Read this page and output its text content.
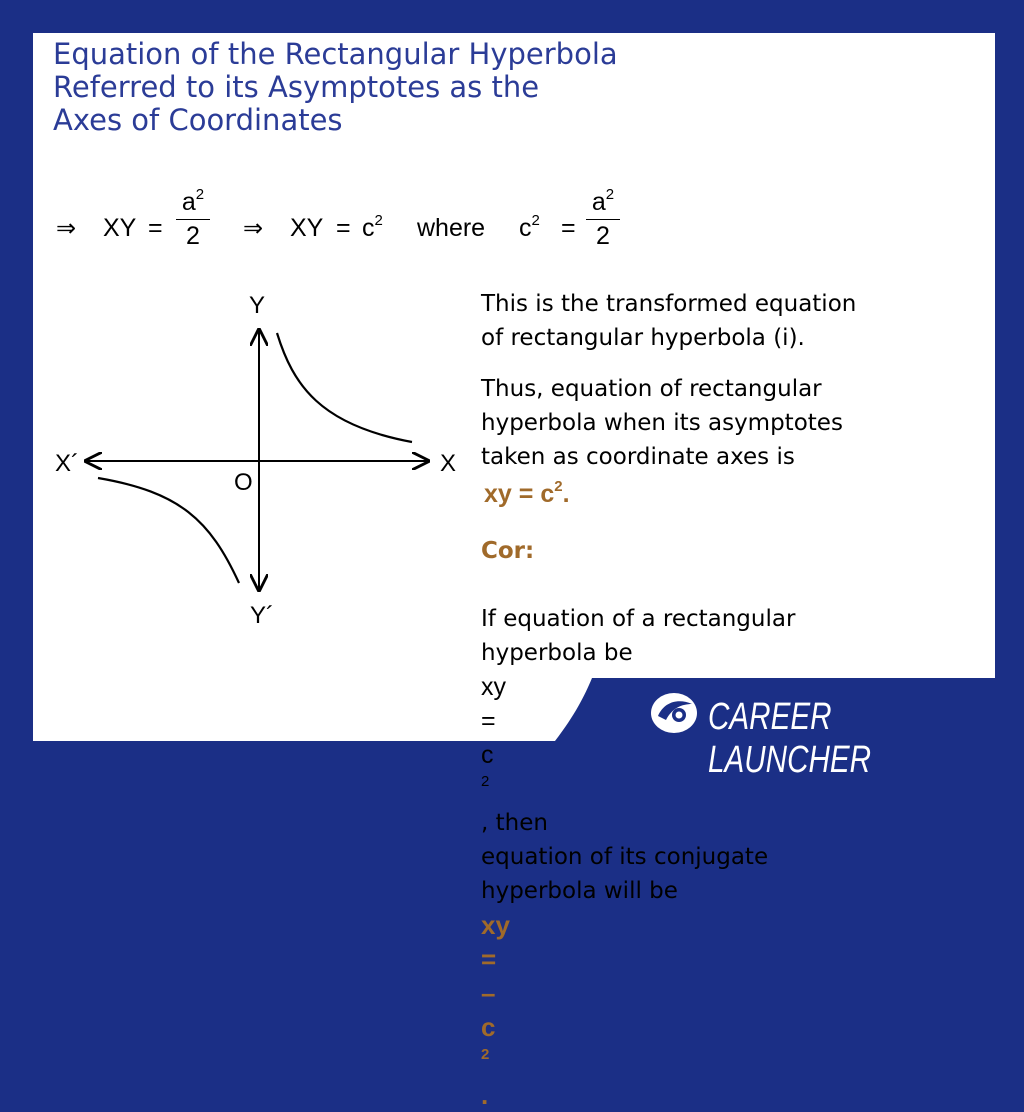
Equation of the Rectangular Hyperbola
Referred to its Asymptotes as the
Axes of Coordinates
⇒ XY =
$a^2$
2	⇒ XY = $c^2$ where $c^2$ =
$a^2$
2
Y
Y´
X
X´
O

This is the transformed equation
of rectangular hyperbola (i).

Thus, equation of rectangular
hyperbola when its asymptotes
taken as coordinate axes is

xy = $c^2$.
Cor:
If equation of a rectangular
hyperbola be
xy
=
c
$^2$
, then
equation of its conjugate
hyperbola will be
xy
=
–
c
$^2$
.
CAREER LAUNCHER
